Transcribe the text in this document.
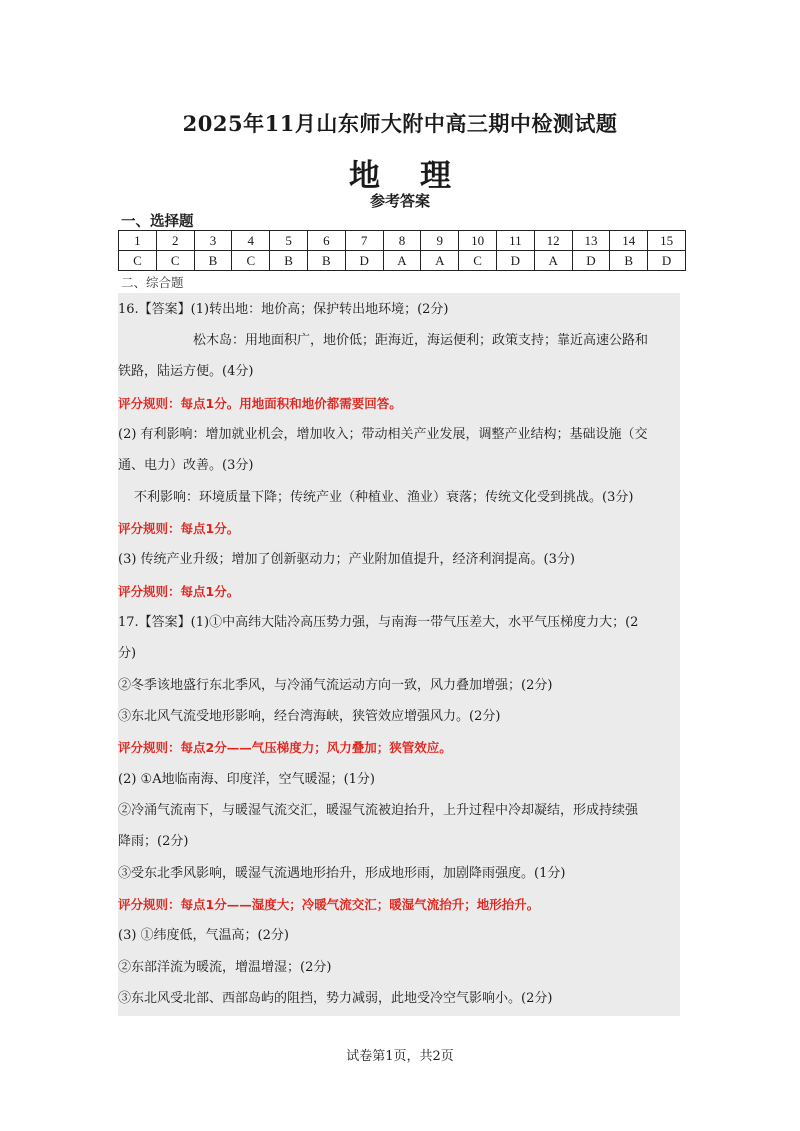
2025年11月山东师大附中高三期中检测试题
地理
参考答案
一、选择题
1	2	3	4	5	6	7	8	9	10	11	12	13	14	15
C	C	B	C	B	B	D	A	A	C	D	A	D	B	D
二、综合题
16.【答案】(1)转出地：地价高；保护转出地环境；(2分)
松木岛：用地面积广，地价低；距海近，海运便利；政策支持；靠近高速公路和
铁路，陆运方便。(4分)
评分规则：每点1分。用地面积和地价都需要回答。
(2) 有利影响：增加就业机会，增加收入；带动相关产业发展，调整产业结构；基础设施（交
通、电力）改善。(3分)
不利影响：环境质量下降；传统产业（种植业、渔业）衰落；传统文化受到挑战。(3分)
评分规则：每点1分。
(3) 传统产业升级；增加了创新驱动力；产业附加值提升，经济利润提高。(3分)
评分规则：每点1分。
17.【答案】(1)①中高纬大陆冷高压势力强，与南海一带气压差大，水平气压梯度力大；(2
分)
②冬季该地盛行东北季风，与冷涌气流运动方向一致，风力叠加增强；(2分)
③东北风气流受地形影响，经台湾海峡，狭管效应增强风力。(2分)
评分规则：每点2分——气压梯度力；风力叠加；狭管效应。
(2) ①A地临南海、印度洋，空气暖湿；(1分)
②冷涌气流南下，与暖湿气流交汇，暖湿气流被迫抬升，上升过程中冷却凝结，形成持续强
降雨；(2分)
③受东北季风影响，暖湿气流遇地形抬升，形成地形雨，加剧降雨强度。(1分)
评分规则：每点1分——湿度大；冷暖气流交汇；暖湿气流抬升；地形抬升。
(3) ①纬度低，气温高；(2分)
②东部洋流为暖流，增温增湿；(2分)
③东北风受北部、西部岛屿的阻挡，势力减弱，此地受冷空气影响小。(2分)
试卷第1页，共2页
